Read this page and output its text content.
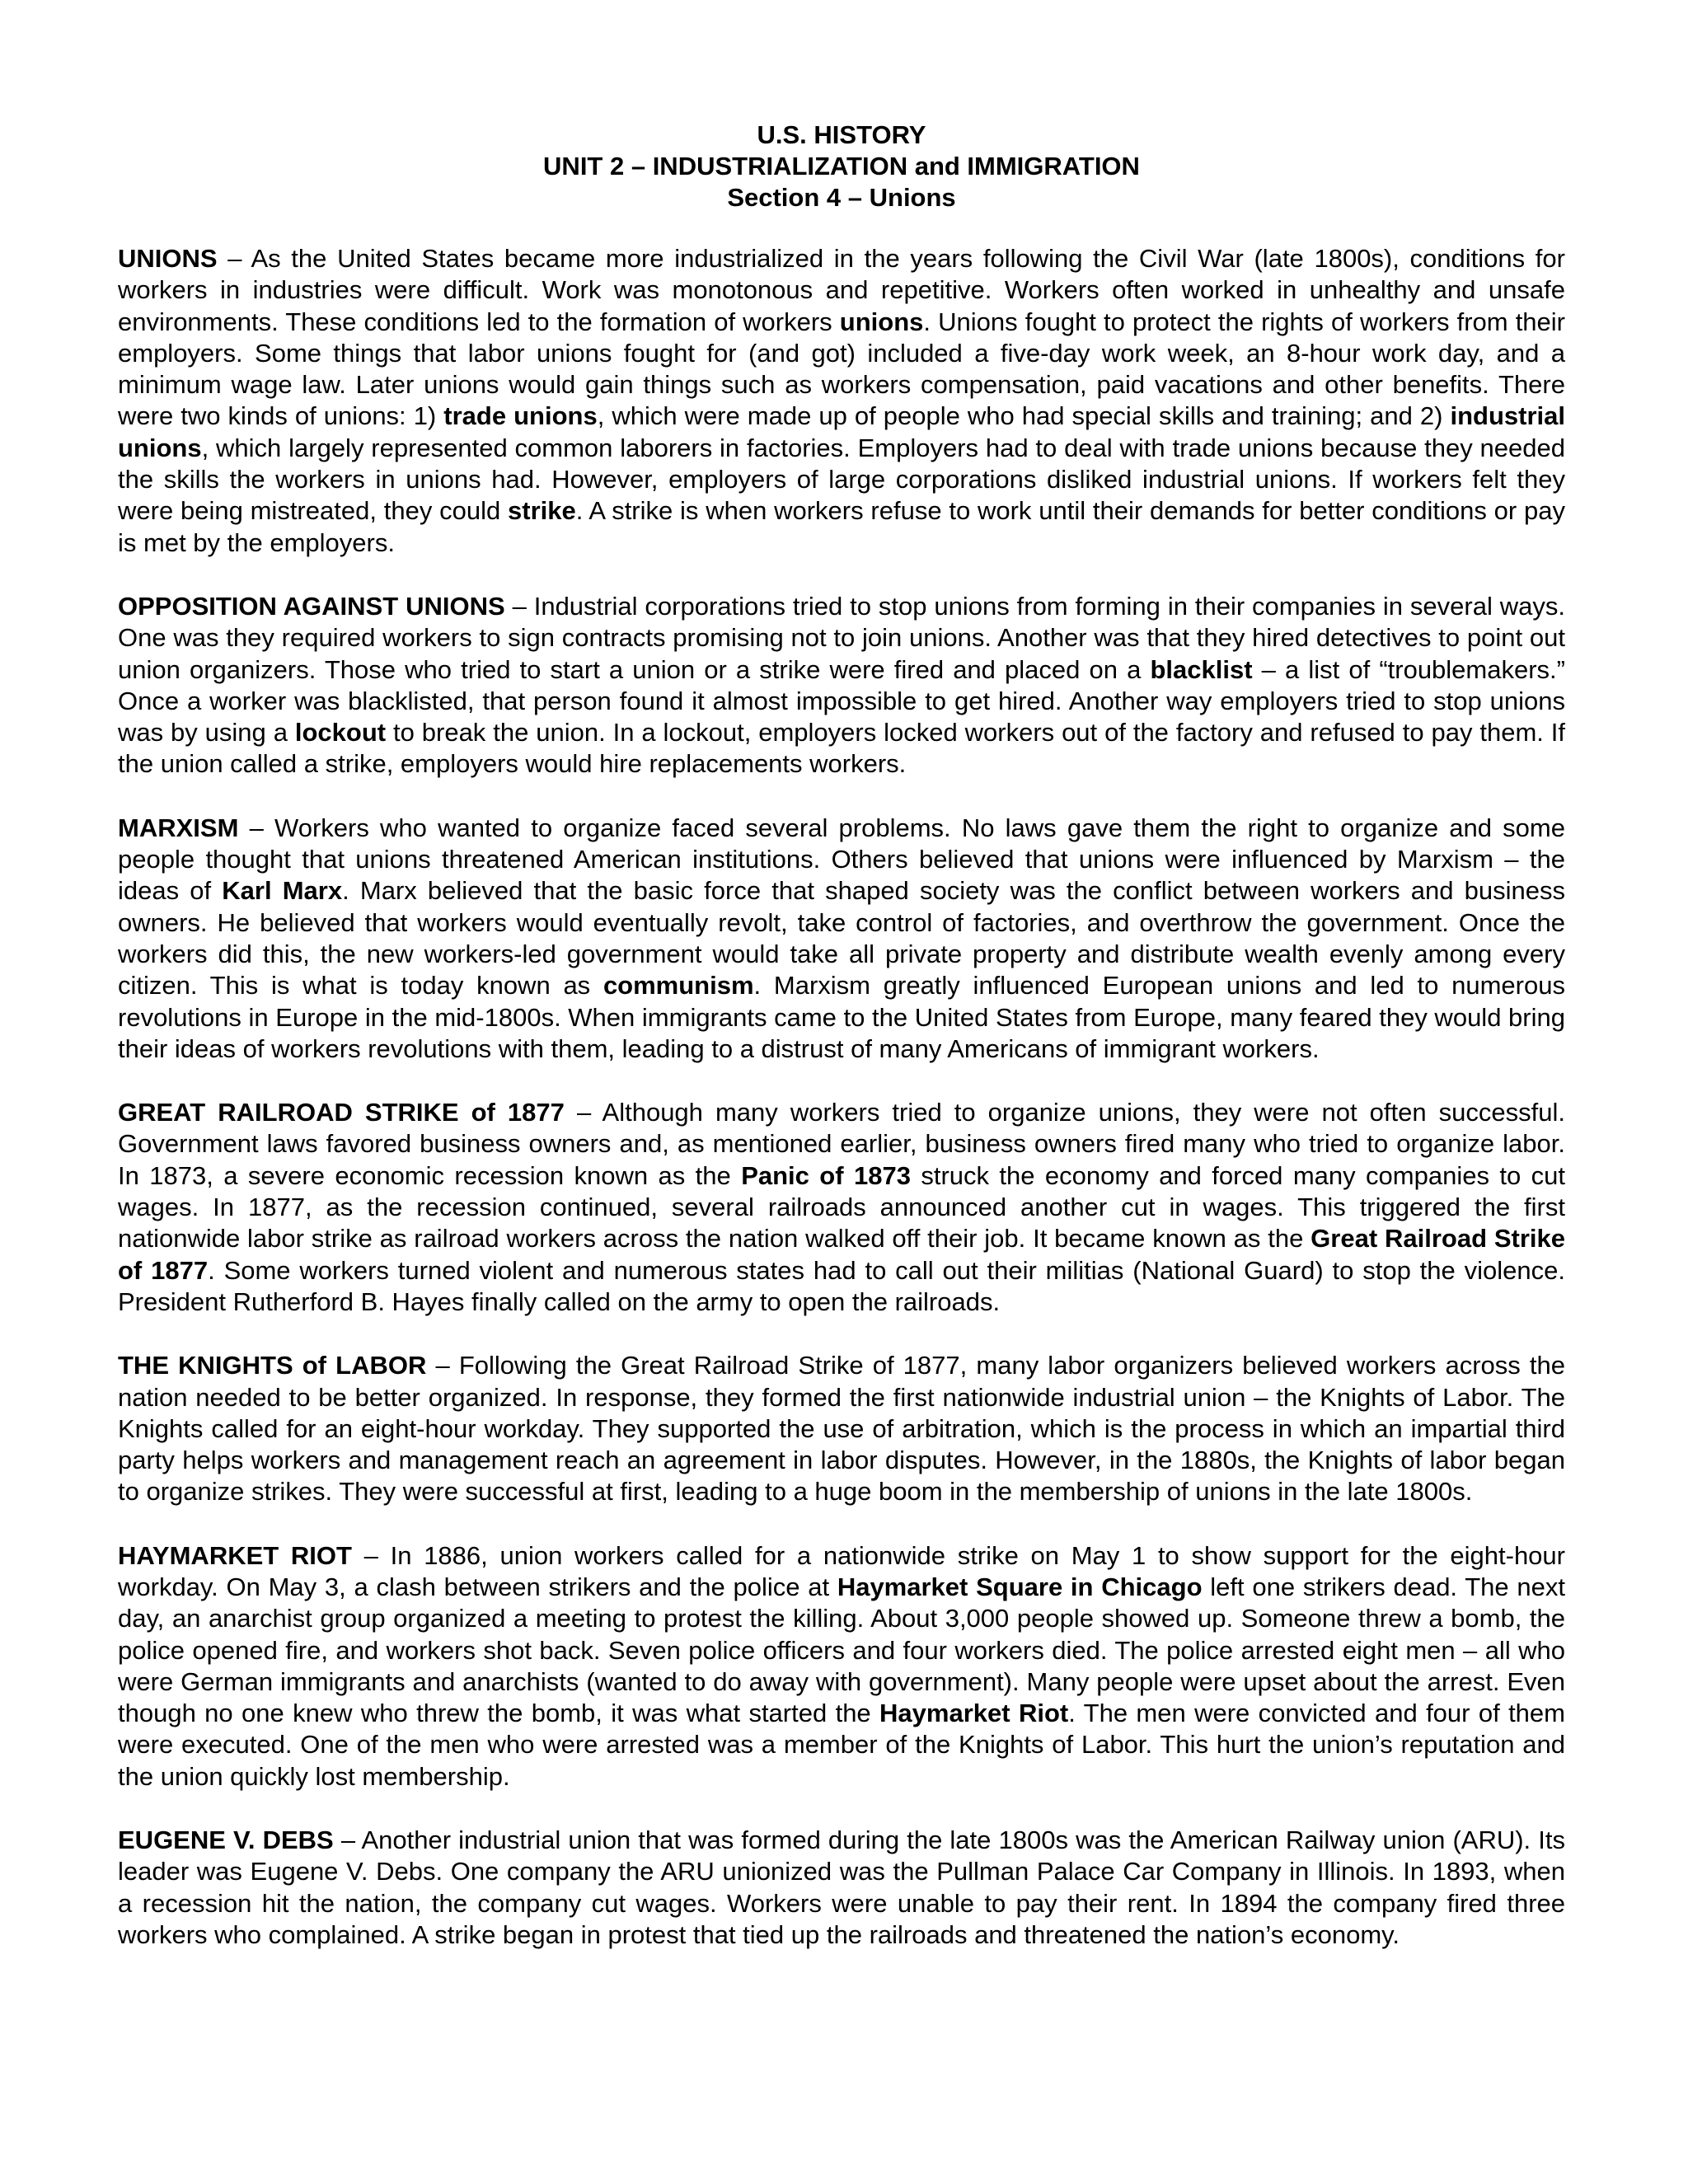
U.S. HISTORY
UNIT 2 – INDUSTRIALIZATION and IMMIGRATION
Section 4 – Unions

UNIONS – As the United States became more industrialized in the years following the Civil War (late 1800s), conditions for workers in industries were difficult. Work was monotonous and repetitive. Workers often worked in unhealthy and unsafe environments. These conditions led to the formation of workers unions. Unions fought to protect the rights of workers from their employers. Some things that labor unions fought for (and got) included a five-day work week, an 8-hour work day, and a minimum wage law. Later unions would gain things such as workers compensation, paid vacations and other benefits. There were two kinds of unions: 1) trade unions, which were made up of people who had special skills and training; and 2) industrial unions, which largely represented common laborers in factories. Employers had to deal with trade unions because they needed the skills the workers in unions had. However, employers of large corporations disliked industrial unions. If workers felt they were being mistreated, they could strike. A strike is when workers refuse to work until their demands for better conditions or pay is met by the employers.

OPPOSITION AGAINST UNIONS – Industrial corporations tried to stop unions from forming in their companies in several ways. One was they required workers to sign contracts promising not to join unions. Another was that they hired detectives to point out union organizers. Those who tried to start a union or a strike were fired and placed on a blacklist – a list of “troublemakers.” Once a worker was blacklisted, that person found it almost impossible to get hired. Another way employers tried to stop unions was by using a lockout to break the union. In a lockout, employers locked workers out of the factory and refused to pay them. If the union called a strike, employers would hire replacements workers.

MARXISM – Workers who wanted to organize faced several problems. No laws gave them the right to organize and some people thought that unions threatened American institutions. Others believed that unions were influenced by Marxism – the ideas of Karl Marx. Marx believed that the basic force that shaped society was the conflict between workers and business owners. He believed that workers would eventually revolt, take control of factories, and overthrow the government. Once the workers did this, the new workers-led government would take all private property and distribute wealth evenly among every citizen. This is what is today known as communism. Marxism greatly influenced European unions and led to numerous revolutions in Europe in the mid-1800s. When immigrants came to the United States from Europe, many feared they would bring their ideas of workers revolutions with them, leading to a distrust of many Americans of immigrant workers.

GREAT RAILROAD STRIKE of 1877 – Although many workers tried to organize unions, they were not often successful. Government laws favored business owners and, as mentioned earlier, business owners fired many who tried to organize labor. In 1873, a severe economic recession known as the Panic of 1873 struck the economy and forced many companies to cut wages. In 1877, as the recession continued, several railroads announced another cut in wages. This triggered the first nationwide labor strike as railroad workers across the nation walked off their job. It became known as the Great Railroad Strike of 1877. Some workers turned violent and numerous states had to call out their militias (National Guard) to stop the violence. President Rutherford B. Hayes finally called on the army to open the railroads.

THE KNIGHTS of LABOR – Following the Great Railroad Strike of 1877, many labor organizers believed workers across the nation needed to be better organized. In response, they formed the first nationwide industrial union – the Knights of Labor. The Knights called for an eight-hour workday. They supported the use of arbitration, which is the process in which an impartial third party helps workers and management reach an agreement in labor disputes. However, in the 1880s, the Knights of labor began to organize strikes. They were successful at first, leading to a huge boom in the membership of unions in the late 1800s.

HAYMARKET RIOT – In 1886, union workers called for a nationwide strike on May 1 to show support for the eight-hour workday. On May 3, a clash between strikers and the police at Haymarket Square in Chicago left one strikers dead. The next day, an anarchist group organized a meeting to protest the killing. About 3,000 people showed up. Someone threw a bomb, the police opened fire, and workers shot back. Seven police officers and four workers died. The police arrested eight men – all who were German immigrants and anarchists (wanted to do away with government). Many people were upset about the arrest. Even though no one knew who threw the bomb, it was what started the Haymarket Riot. The men were convicted and four of them were executed. One of the men who were arrested was a member of the Knights of Labor. This hurt the union’s reputation and the union quickly lost membership.

EUGENE V. DEBS – Another industrial union that was formed during the late 1800s was the American Railway union (ARU). Its leader was Eugene V. Debs. One company the ARU unionized was the Pullman Palace Car Company in Illinois. In 1893, when a recession hit the nation, the company cut wages. Workers were unable to pay their rent. In 1894 the company fired three workers who complained. A strike began in protest that tied up the railroads and threatened the nation’s economy.
